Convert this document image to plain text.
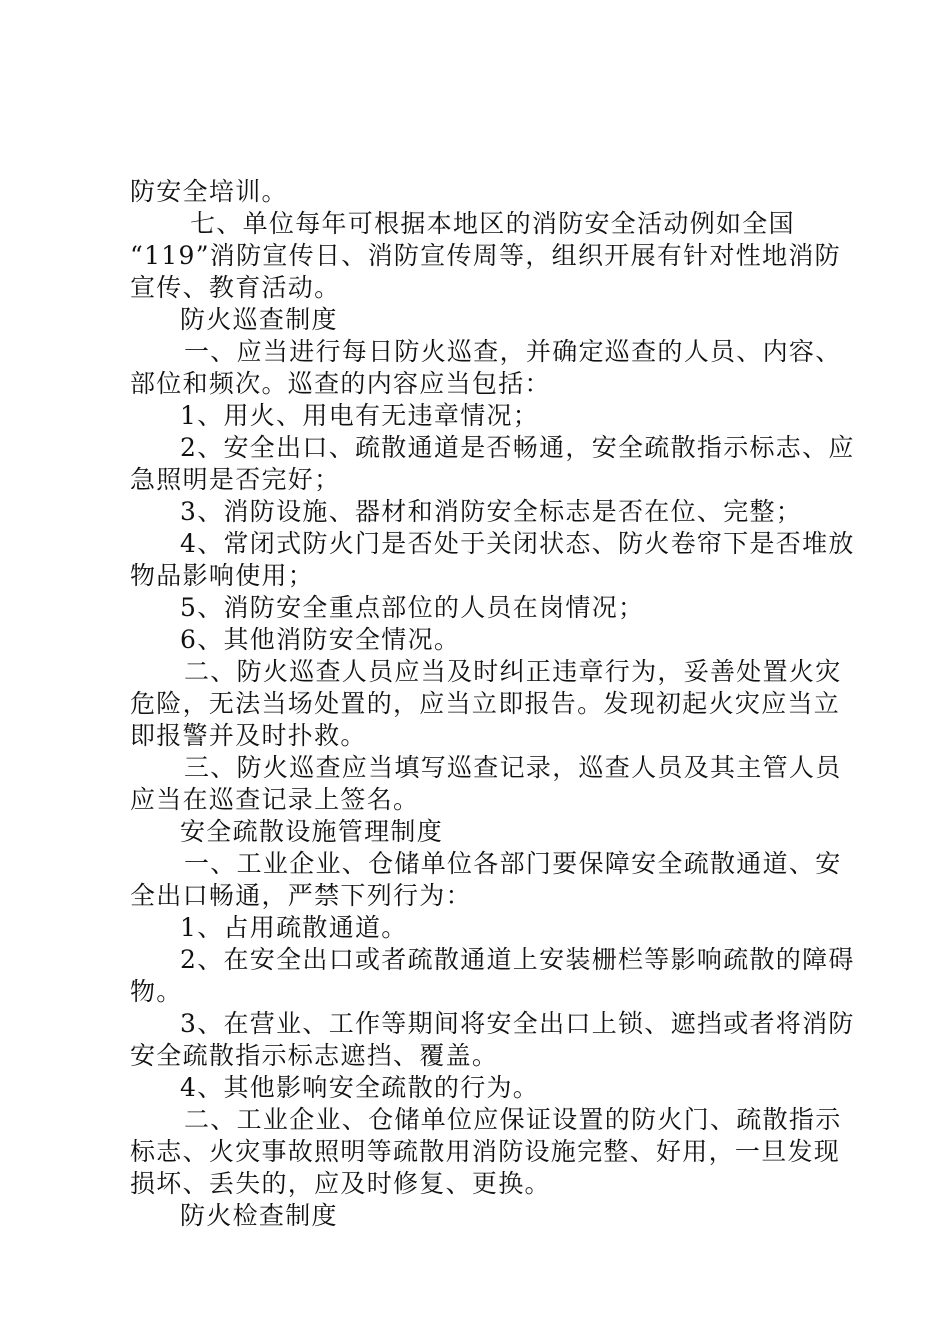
防安全培训。
七、单位每年可根据本地区的消防安全活动例如全国
“119”消防宣传日、消防宣传周等，组织开展有针对性地消防
宣传、教育活动。
防火巡查制度
一、应当进行每日防火巡查，并确定巡查的人员、内容、
部位和频次。巡查的内容应当包括：
1、用火、用电有无违章情况；
2、安全出口、疏散通道是否畅通，安全疏散指示标志、应
急照明是否完好；
3、消防设施、器材和消防安全标志是否在位、完整；
4、常闭式防火门是否处于关闭状态、防火卷帘下是否堆放
物品影响使用；
5、消防安全重点部位的人员在岗情况；
6、其他消防安全情况。
二、防火巡查人员应当及时纠正违章行为，妥善处置火灾
危险，无法当场处置的，应当立即报告。发现初起火灾应当立
即报警并及时扑救。
三、防火巡查应当填写巡查记录，巡查人员及其主管人员
应当在巡查记录上签名。
安全疏散设施管理制度
一、工业企业、仓储单位各部门要保障安全疏散通道、安
全出口畅通，严禁下列行为：
1、占用疏散通道。
2、在安全出口或者疏散通道上安装栅栏等影响疏散的障碍
物。
3、在营业、工作等期间将安全出口上锁、遮挡或者将消防
安全疏散指示标志遮挡、覆盖。
4、其他影响安全疏散的行为。
二、工业企业、仓储单位应保证设置的防火门、疏散指示
标志、火灾事故照明等疏散用消防设施完整、好用，一旦发现
损坏、丢失的，应及时修复、更换。
防火检查制度
